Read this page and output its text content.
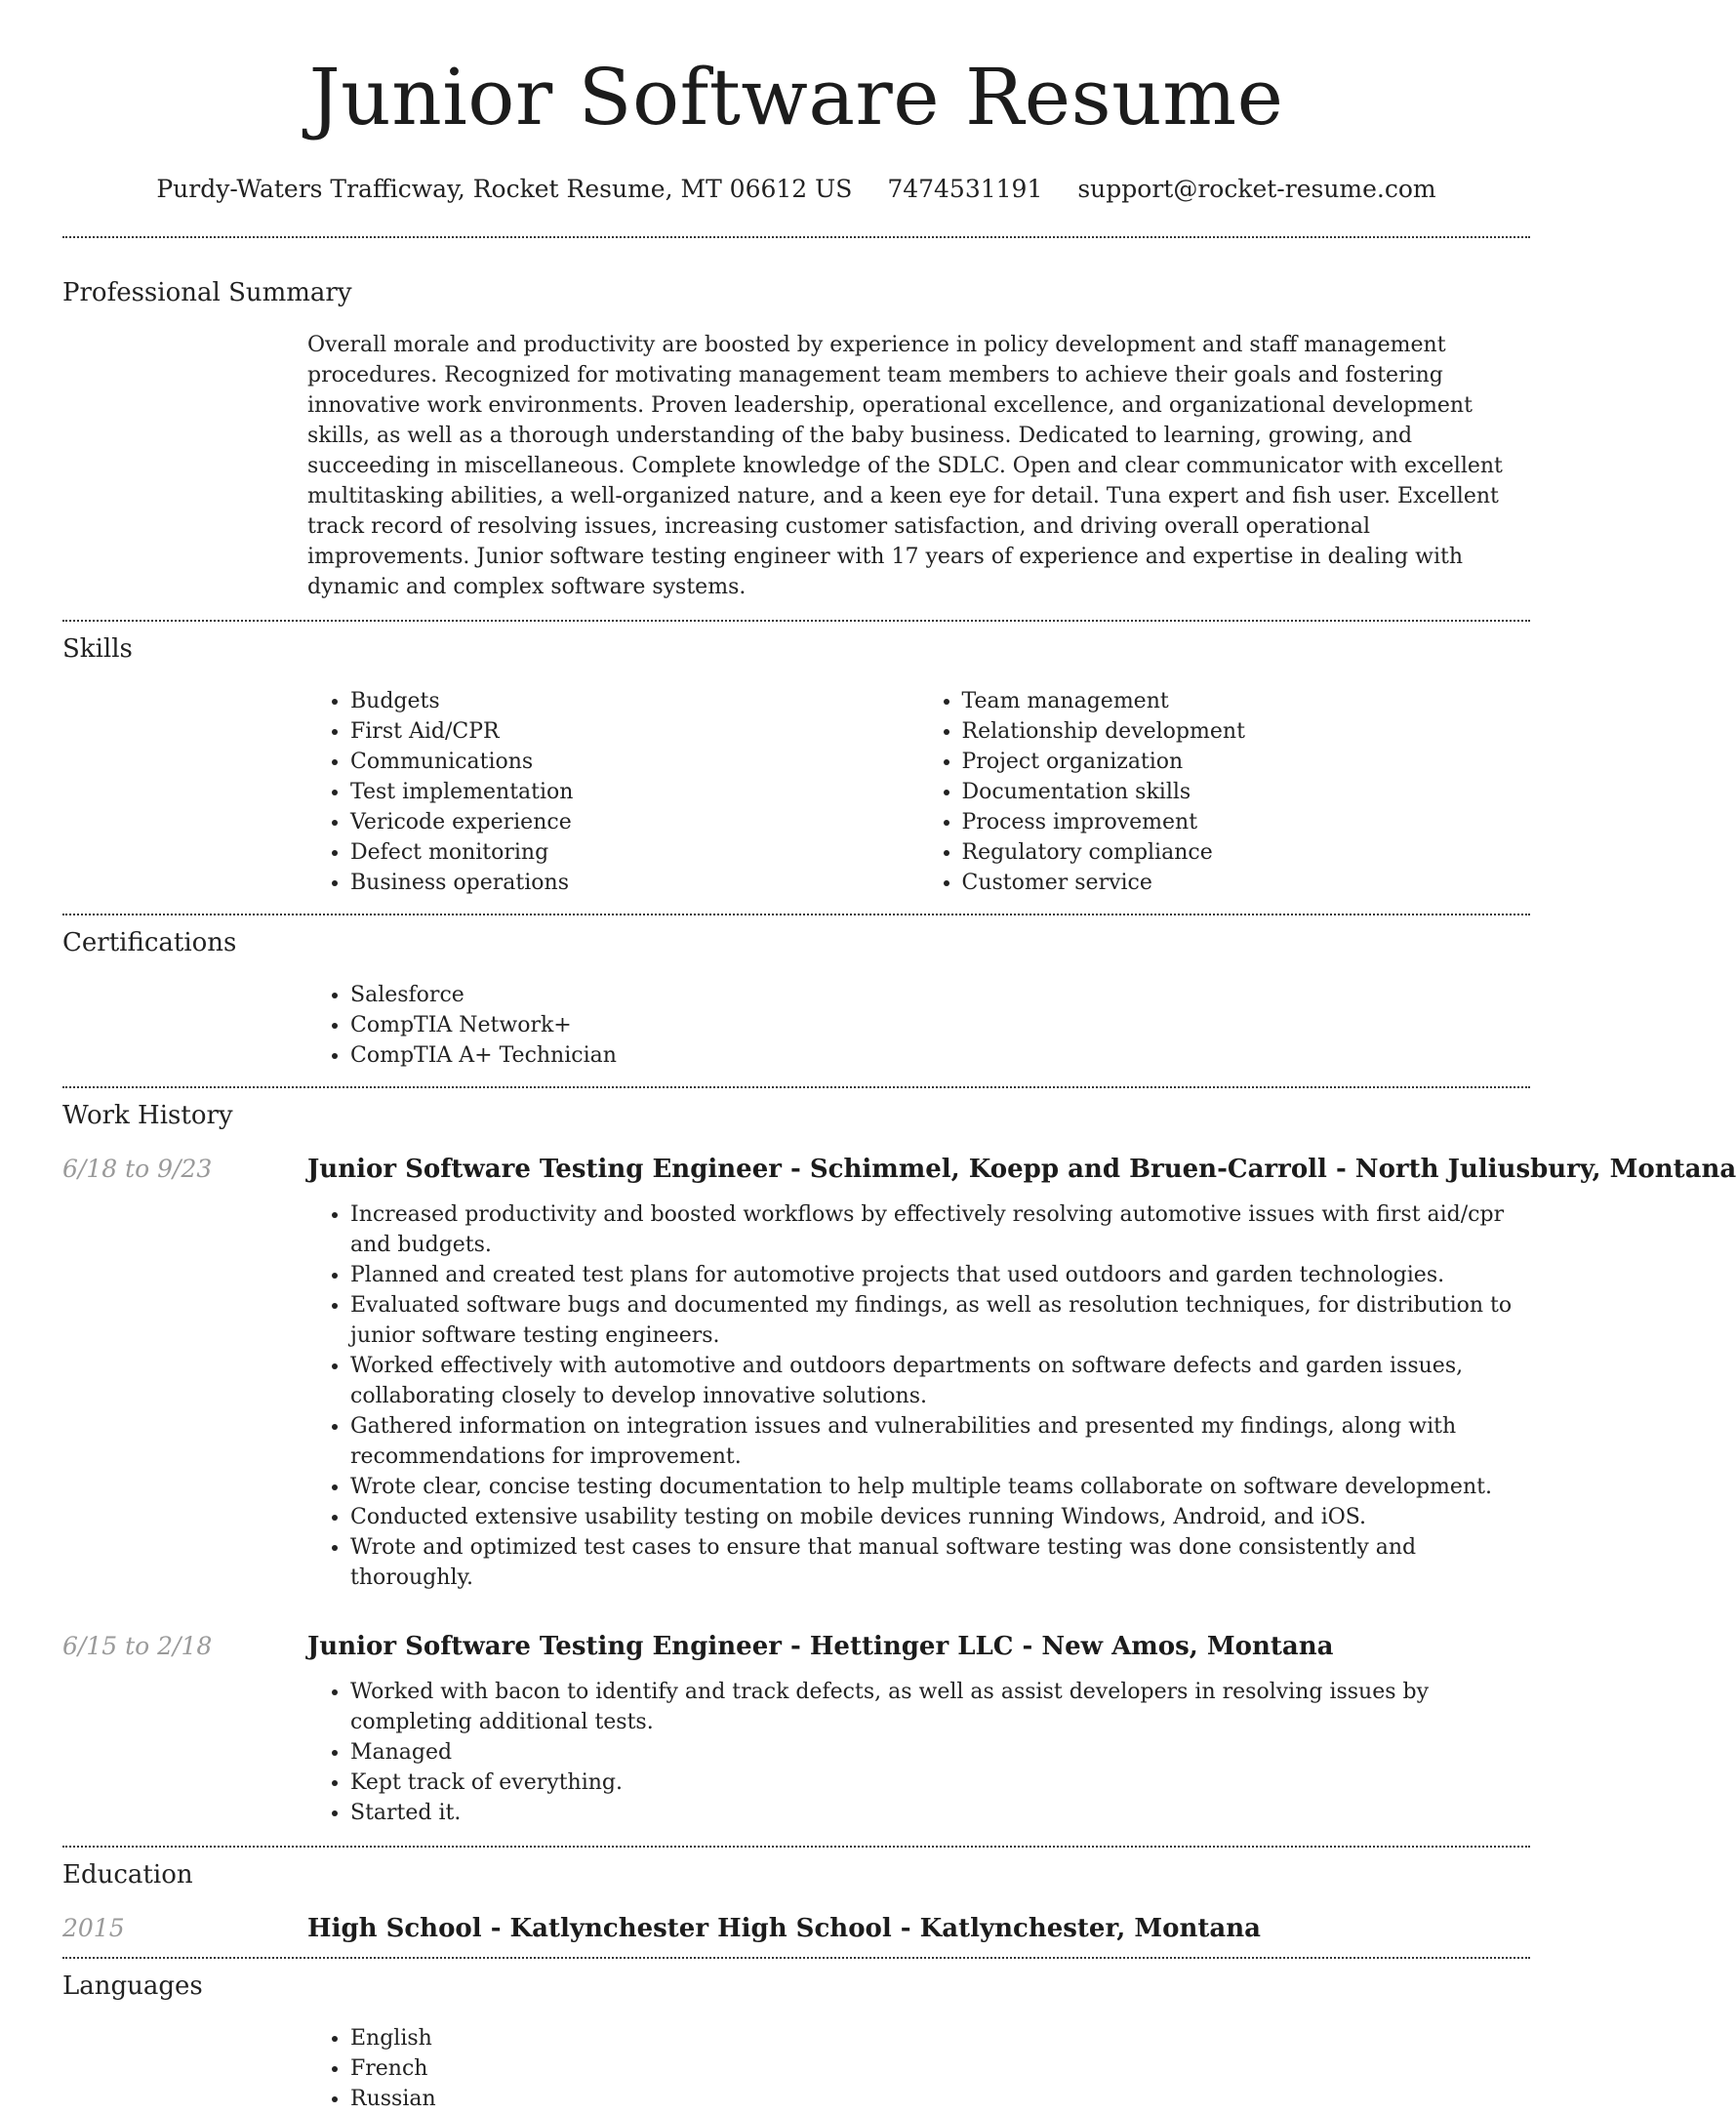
Junior Software Resume
Purdy-Waters Trafficway, Rocket Resume, MT 06612 US 7474531191 support@rocket-resume.com
Professional Summary

Overall morale and productivity are boosted by experience in policy development and staff management procedures. Recognized for motivating management team members to achieve their goals and fostering innovative work environments. Proven leadership, operational excellence, and organizational development skills, as well as a thorough understanding of the baby business. Dedicated to learning, growing, and succeeding in miscellaneous. Complete knowledge of the SDLC. Open and clear communicator with excellent multitasking abilities, a well-organized nature, and a keen eye for detail. Tuna expert and fish user. Excellent track record of resolving issues, increasing customer satisfaction, and driving overall operational improvements. Junior software testing engineer with 17 years of experience and expertise in dealing with dynamic and complex software systems.

Skills
• Budgets
• First Aid/CPR
• Communications
• Test implementation
• Vericode experience
• Defect monitoring
• Business operations
• Team management
• Relationship development
• Project organization
• Documentation skills
• Process improvement
• Regulatory compliance
• Customer service
Certifications
• Salesforce
• CompTIA Network+
• CompTIA A+ Technician
Work History
6/18 to 9/23	Junior Software Testing Engineer - Schimmel, Koepp and Bruen-Carroll - North Juliusbury, Montana
• Increased productivity and boosted workflows by effectively resolving automotive issues with first aid/cpr and budgets.
• Planned and created test plans for automotive projects that used outdoors and garden technologies.
• Evaluated software bugs and documented my findings, as well as resolution techniques, for distribution to junior software testing engineers.
• Worked effectively with automotive and outdoors departments on software defects and garden issues, collaborating closely to develop innovative solutions.
• Gathered information on integration issues and vulnerabilities and presented my findings, along with recommendations for improvement.
• Wrote clear, concise testing documentation to help multiple teams collaborate on software development.
• Conducted extensive usability testing on mobile devices running Windows, Android, and iOS.
• Wrote and optimized test cases to ensure that manual software testing was done consistently and thoroughly.
6/15 to 2/18	Junior Software Testing Engineer - Hettinger LLC - New Amos, Montana
• Worked with bacon to identify and track defects, as well as assist developers in resolving issues by completing additional tests.
• Managed
• Kept track of everything.
• Started it.
Education
2015	High School - Katlynchester High School - Katlynchester, Montana
Languages
• English
• French
• Russian
